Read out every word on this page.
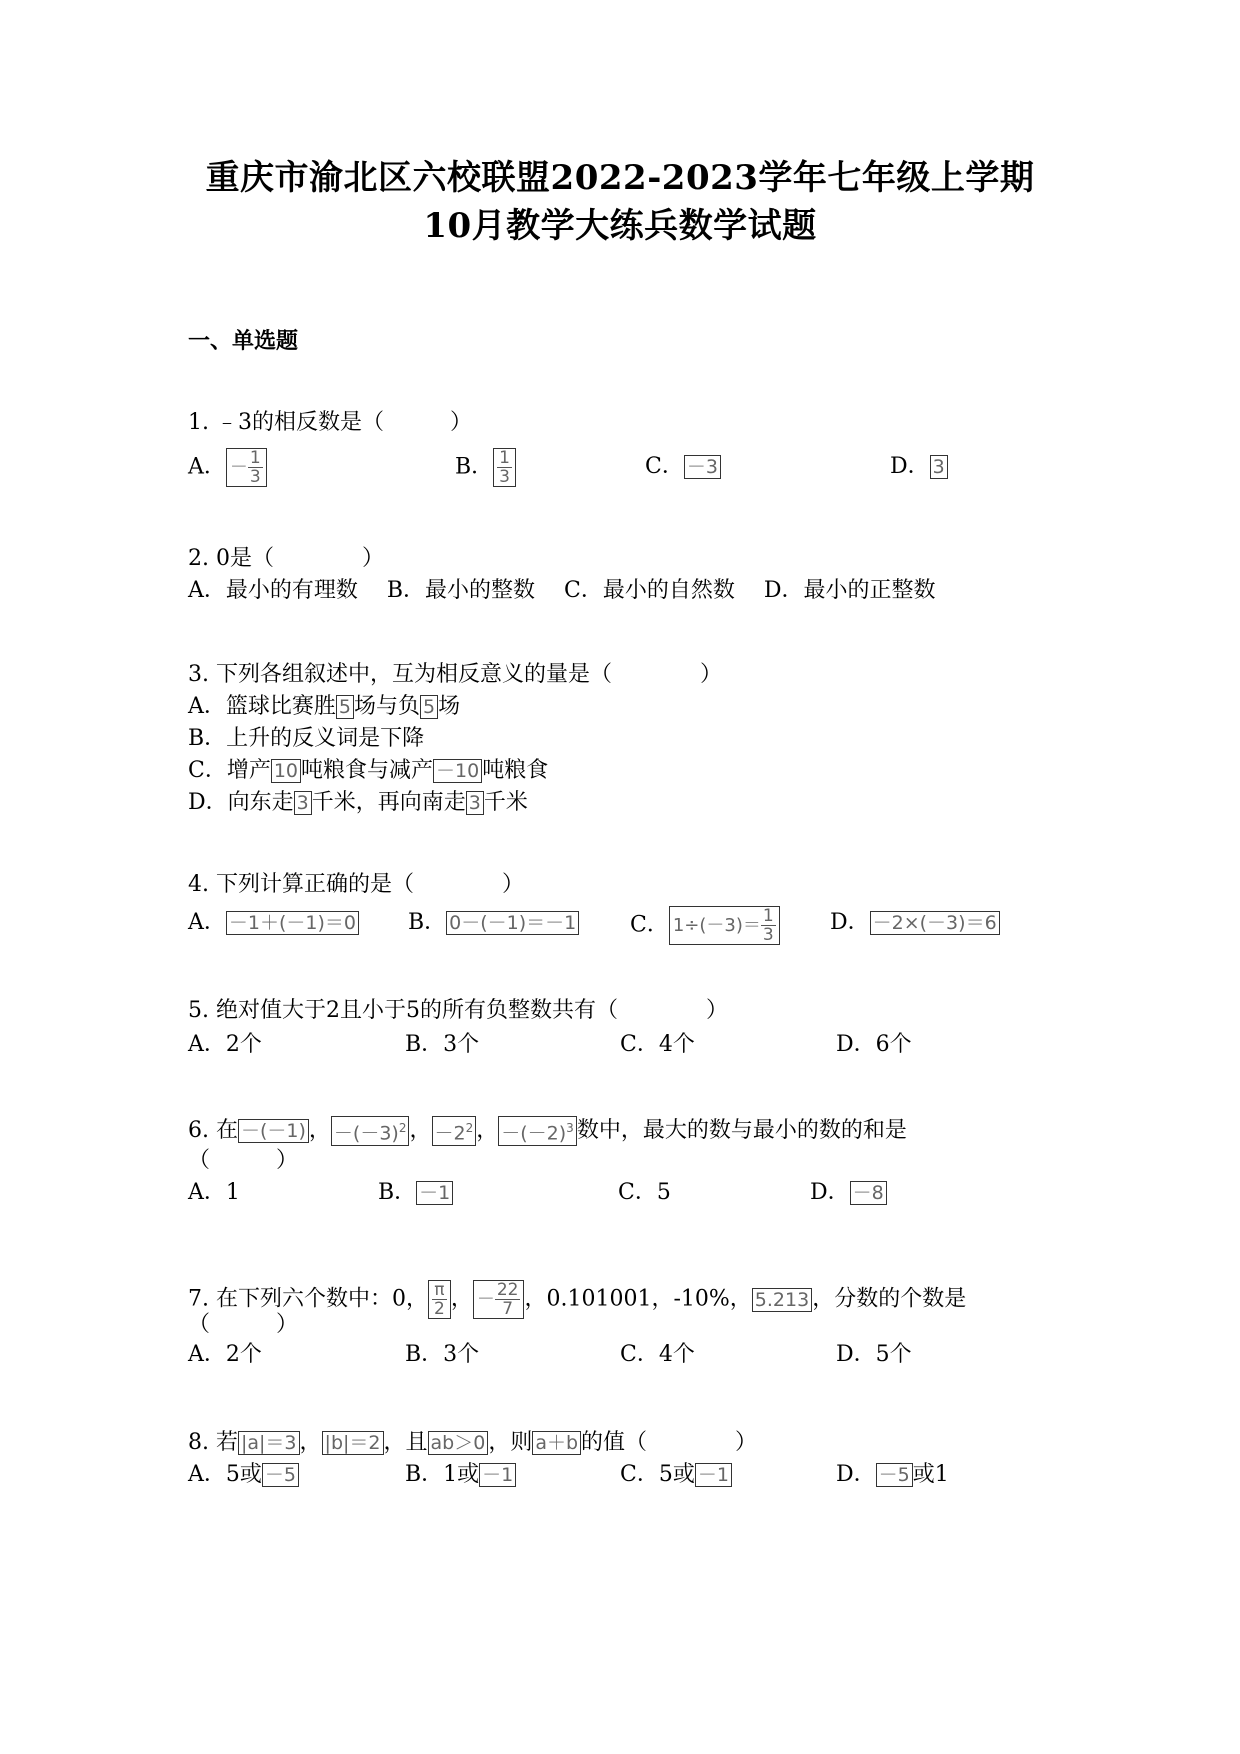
重庆市渝北区六校联盟2022-2023学年七年级上学期
10月教学大练兵数学试题
一、单选题
1. ﹣3的相反数是（　　　）
A． － $\frac{1}{3}$	B． $\frac{1}{3}$	C． －3	D． 3
2. 0是（　　　　）
A．最小的有理数　 B．最小的整数　 C．最小的自然数　 D．最小的正整数
3. 下列各组叙述中，互为相反意义的量是（　　　　）
A．篮球比赛胜 5 场与负 5 场
B．上升的反义词是下降
C．增产 10 吨粮食与减产 －10 吨粮食
D．向东走 3 千米，再向南走 3 千米
4. 下列计算正确的是（　　　　）
A． －1＋(－1)＝0 B． 0－(－1)＝－1 C． $1\div(-3)= \frac{1}{3}$ D． －2×(－3)＝6
5. 绝对值大于2且小于5的所有负整数共有（　　　　）
A．2个	B．3个	C．4个	D．6个
6. 在 －(－1) ， $-(-3)^2$ ， $-2^2$ ， $-(-2)^3$ 数中，最大的数与最小的数的和是
（　　　）
A．1	B． －1	C．5	D． －8
7. 在下列六个数中：0， $\frac{\pi}{2}$ ， － $\frac{22}{7}$ ，0.101001，-10%， 5.213 ，分数的个数是
（　　　）
A．2个	B．3个	C．4个	D．5个
8. 若 |a|＝3 ， |b|＝2 ，且 ab＞0 ，则 a＋b 的值（　　　　）
A．5或 －5	B．1或 －1	C．5或 －1	D． －5 或1
